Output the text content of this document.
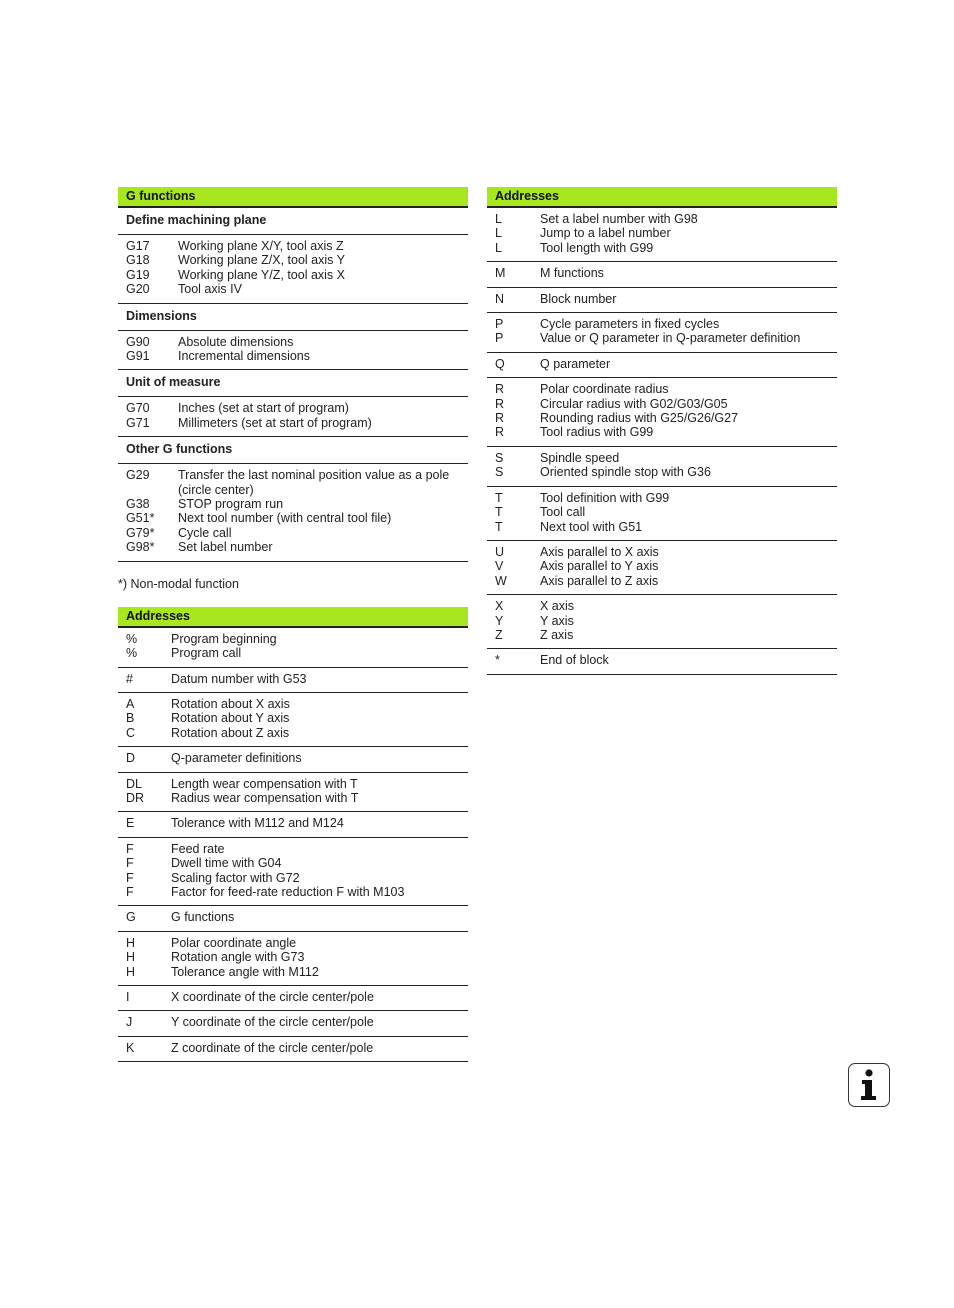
G functions
Define machining plane
G17	Working plane X/Y, tool axis Z
G18	Working plane Z/X, tool axis Y
G19	Working plane Y/Z, tool axis X
G20	Tool axis IV
Dimensions
G90	Absolute dimensions
G91	Incremental dimensions
Unit of measure
G70	Inches (set at start of program)
G71	Millimeters (set at start of program)
Other G functions
G29	Transfer the last nominal position value as a pole
(circle center)
G38	STOP program run
G51*	Next tool number (with central tool file)
G79*	Cycle call
G98*	Set label number
*) Non-modal function
Addresses
%	Program beginning
%	Program call
#	Datum number with G53
A	Rotation about X axis
B	Rotation about Y axis
C	Rotation about Z axis
D	Q-parameter definitions
DL	Length wear compensation with T
DR	Radius wear compensation with T
E	Tolerance with M112 and M124
F	Feed rate
F	Dwell time with G04
F	Scaling factor with G72
F	Factor for feed-rate reduction F with M103
G	G functions
H	Polar coordinate angle
H	Rotation angle with G73
H	Tolerance angle with M112
I	X coordinate of the circle center/pole
J	Y coordinate of the circle center/pole
K	Z coordinate of the circle center/pole
Addresses
L	Set a label number with G98
L	Jump to a label number
L	Tool length with G99
M	M functions
N	Block number
P	Cycle parameters in fixed cycles
P	Value or Q parameter in Q-parameter definition
Q	Q parameter
R	Polar coordinate radius
R	Circular radius with G02/G03/G05
R	Rounding radius with G25/G26/G27
R	Tool radius with G99
S	Spindle speed
S	Oriented spindle stop with G36
T	Tool definition with G99
T	Tool call
T	Next tool with G51
U	Axis parallel to X axis
V	Axis parallel to Y axis
W	Axis parallel to Z axis
X	X axis
Y	Y axis
Z	Z axis
*	End of block
